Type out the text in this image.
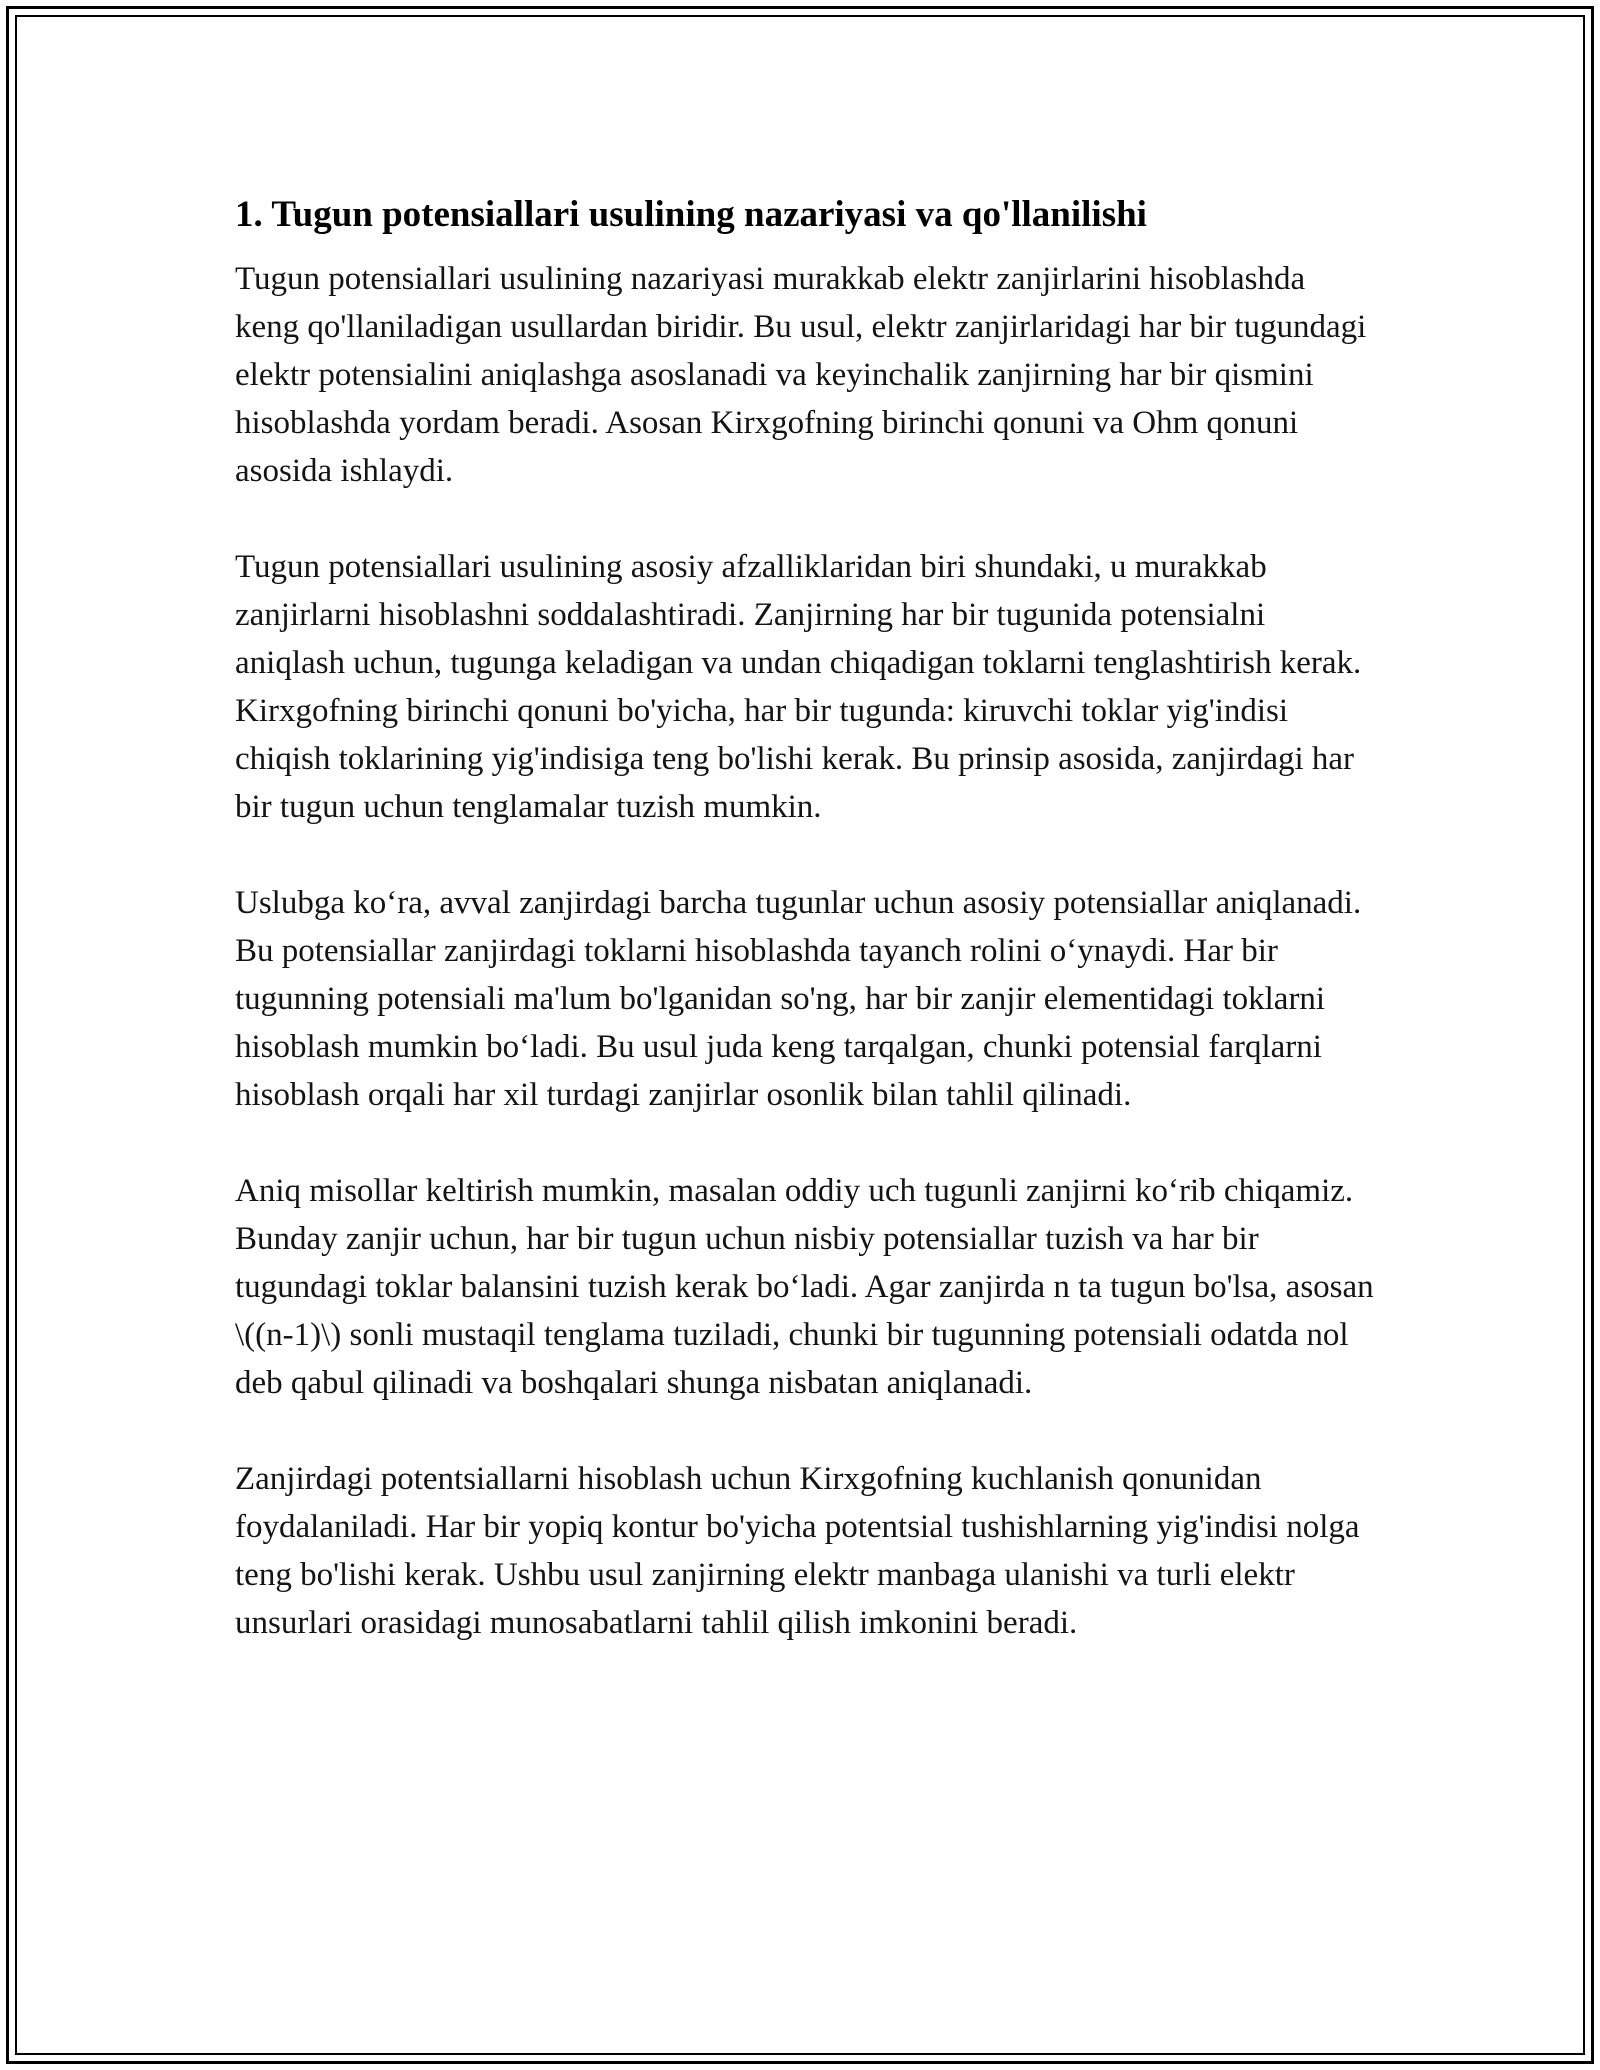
1. Tugun potensiallari usulining nazariyasi va qo'llanilishi

Tugun potensiallari usulining nazariyasi murakkab elektr zanjirlarini hisoblashda keng qo'llaniladigan usullardan biridir. Bu usul, elektr zanjirlaridagi har bir tugundagi elektr potensialini aniqlashga asoslanadi va keyinchalik zanjirning har bir qismini hisoblashda yordam beradi. Asosan Kirxgofning birinchi qonuni va Ohm qonuni asosida ishlaydi.

Tugun potensiallari usulining asosiy afzalliklaridan biri shundaki, u murakkab zanjirlarni hisoblashni soddalashtiradi. Zanjirning har bir tugunida potensialni aniqlash uchun, tugunga keladigan va undan chiqadigan toklarni tenglashtirish kerak. Kirxgofning birinchi qonuni bo'yicha, har bir tugunda: kiruvchi toklar yig'indisi chiqish toklarining yig'indisiga teng bo'lishi kerak. Bu prinsip asosida, zanjirdagi har bir tugun uchun tenglamalar tuzish mumkin.

Uslubga ko‘ra, avval zanjirdagi barcha tugunlar uchun asosiy potensiallar aniqlanadi. Bu potensiallar zanjirdagi toklarni hisoblashda tayanch rolini o‘ynaydi. Har bir tugunning potensiali ma'lum bo'lganidan so'ng, har bir zanjir elementidagi toklarni hisoblash mumkin bo‘ladi. Bu usul juda keng tarqalgan, chunki potensial farqlarni hisoblash orqali har xil turdagi zanjirlar osonlik bilan tahlil qilinadi.

Aniq misollar keltirish mumkin, masalan oddiy uch tugunli zanjirni ko‘rib chiqamiz. Bunday zanjir uchun, har bir tugun uchun nisbiy potensiallar tuzish va har bir tugundagi toklar balansini tuzish kerak bo‘ladi. Agar zanjirda n ta tugun bo'lsa, asosan \((n-1)\) sonli mustaqil tenglama tuziladi, chunki bir tugunning potensiali odatda nol deb qabul qilinadi va boshqalari shunga nisbatan aniqlanadi.

Zanjirdagi potentsiallarni hisoblash uchun Kirxgofning kuchlanish qonunidan foydalaniladi. Har bir yopiq kontur bo'yicha potentsial tushishlarning yig'indisi nolga teng bo'lishi kerak. Ushbu usul zanjirning elektr manbaga ulanishi va turli elektr unsurlari orasidagi munosabatlarni tahlil qilish imkonini beradi.
